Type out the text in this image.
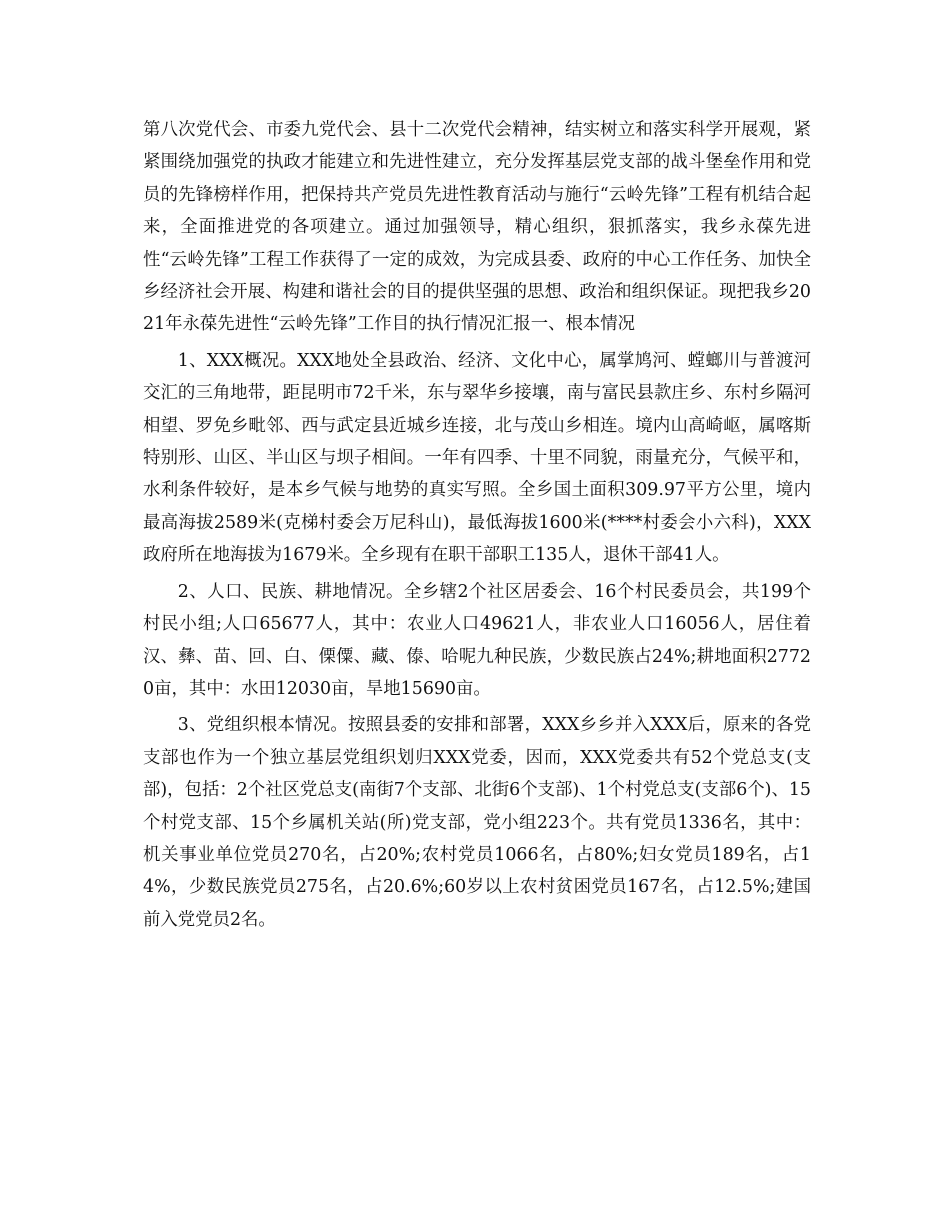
第八次党代会、市委九党代会、县十二次党代会精神，结实树立和落实科学开展观，紧紧围绕加强党的执政才能建立和先进性建立，充分发挥基层党支部的战斗堡垒作用和党员的先锋榜样作用，把保持共产党员先进性教育活动与施行“云岭先锋”工程有机结合起来，全面推进党的各项建立。通过加强领导，精心组织，狠抓落实，我乡永葆先进性“云岭先锋”工程工作获得了一定的成效，为完成县委、政府的中心工作任务、加快全乡经济社会开展、构建和谐社会的目的提供坚强的思想、政治和组织保证。现把我乡2021年永葆先进性“云岭先锋”工作目的执行情况汇报一、根本情况

1、XXX概况。XXX地处全县政治、经济、文化中心，属掌鸠河、螳螂川与普渡河交汇的三角地带，距昆明市72千米，东与翠华乡接壤，南与富民县款庄乡、东村乡隔河相望、罗免乡毗邻、西与武定县近城乡连接，北与茂山乡相连。境内山高崎岖，属喀斯特别形、山区、半山区与坝子相间。一年有四季、十里不同貌，雨量充分，气候平和，水利条件较好，是本乡气候与地势的真实写照。全乡国土面积309.97平方公里，境内最高海拔2589米(克梯村委会万尼科山)，最低海拔1600米(****村委会小六科)，XXX政府所在地海拔为1679米。全乡现有在职干部职工135人，退休干部41人。

2、人口、民族、耕地情况。全乡辖2个社区居委会、16个村民委员会，共199个村民小组;人口65677人，其中：农业人口49621人，非农业人口16056人，居住着汉、彝、苗、回、白、傈僳、藏、傣、哈呢九种民族，少数民族占24%;耕地面积27720亩，其中：水田12030亩，旱地15690亩。

3、党组织根本情况。按照县委的安排和部署，XXX乡乡并入XXX后，原来的各党支部也作为一个独立基层党组织划归XXX党委，因而，XXX党委共有52个党总支(支部)，包括：2个社区党总支(南街7个支部、北街6个支部)、1个村党总支(支部6个)、15个村党支部、15个乡属机关站(所)党支部，党小组223个。共有党员1336名，其中：机关事业单位党员270名，占20%;农村党员1066名，占80%;妇女党员189名，占14%，少数民族党员275名，占20.6%;60岁以上农村贫困党员167名，占12.5%;建国前入党党员2名。
